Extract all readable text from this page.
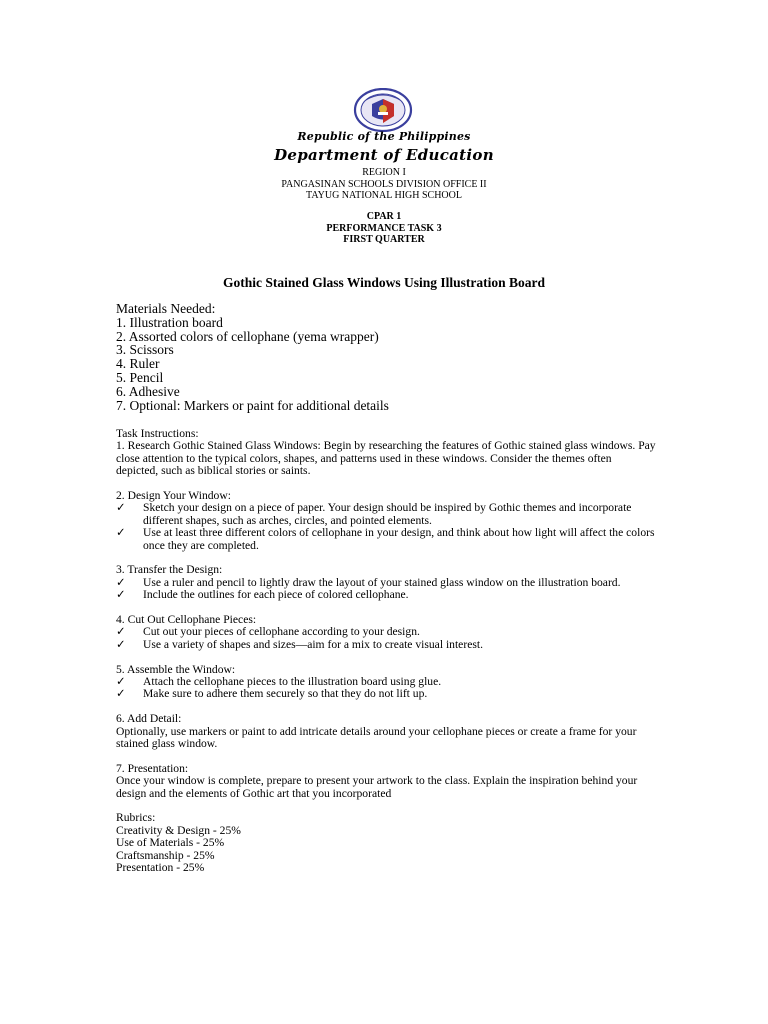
Republic of the Philippines
Department of Education
REGION I
PANGASINAN SCHOOLS DIVISION OFFICE II
TAYUG NATIONAL HIGH SCHOOL
CPAR 1
PERFORMANCE TASK 3
FIRST QUARTER
Gothic Stained Glass Windows Using Illustration Board
Materials Needed:
1. Illustration board
2. Assorted colors of cellophane (yema wrapper)
3. Scissors
4. Ruler
5. Pencil
6. Adhesive
7. Optional: Markers or paint for additional details

Task Instructions:

1. Research Gothic Stained Glass Windows: Begin by researching the features of Gothic stained glass windows. Pay close attention to the typical colors, shapes, and patterns used in these windows. Consider the themes often depicted, such as biblical stories or saints.

2. Design Your Window:

✓	Sketch your design on a piece of paper. Your design should be inspired by Gothic themes and incorporate different shapes, such as arches, circles, and pointed elements.
✓	Use at least three different colors of cellophane in your design, and think about how light will affect the colors once they are completed.

3. Transfer the Design:

✓	Use a ruler and pencil to lightly draw the layout of your stained glass window on the illustration board.
✓	Include the outlines for each piece of colored cellophane.

4. Cut Out Cellophane Pieces:

✓	Cut out your pieces of cellophane according to your design.
✓	Use a variety of shapes and sizes—aim for a mix to create visual interest.

5. Assemble the Window:

✓	Attach the cellophane pieces to the illustration board using glue.
✓	Make sure to adhere them securely so that they do not lift up.

6. Add Detail:

Optionally, use markers or paint to add intricate details around your cellophane pieces or create a frame for your stained glass window.

7. Presentation:

Once your window is complete, prepare to present your artwork to the class. Explain the inspiration behind your design and the elements of Gothic art that you incorporated

Rubrics:

Creativity & Design - 25%

Use of Materials - 25%

Craftsmanship - 25%

Presentation - 25%
